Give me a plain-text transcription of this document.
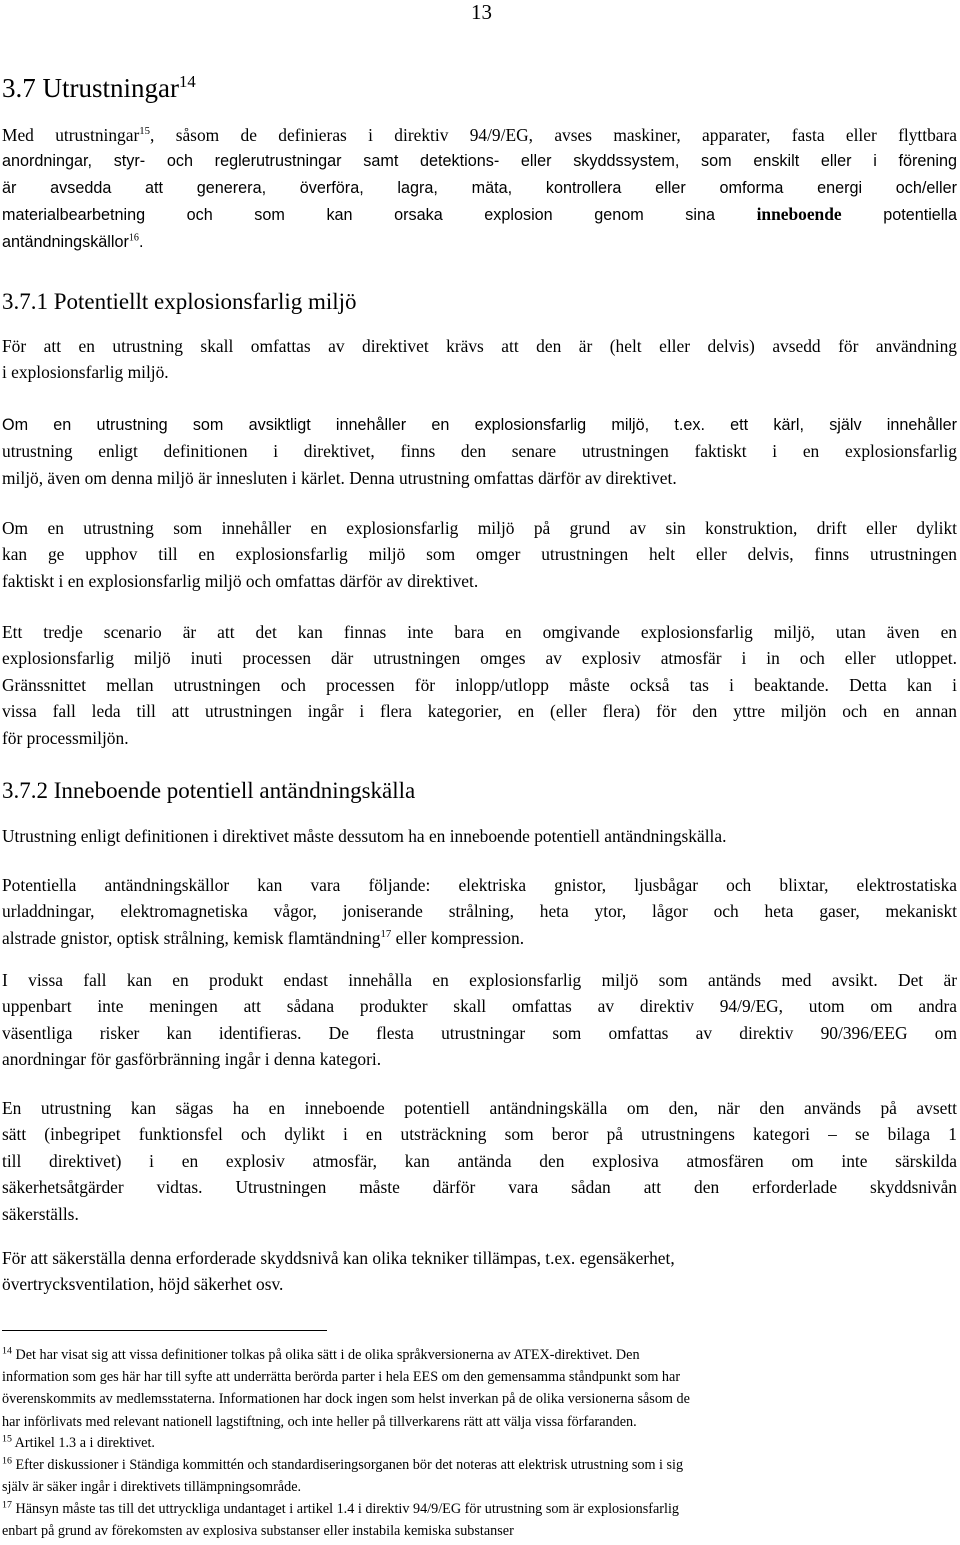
13
3.7 Utrustningar$^{14}$
Med utrustningar$^{15}$, såsom de definieras i direktiv 94/9/EG, avses maskiner, apparater, fasta eller flyttbara
anordningar, styr- och reglerutrustningar samt detektions- eller skyddssystem, som enskilt eller i förening
är avsedda att generera, överföra, lagra, mäta, kontrollera eller omforma energi och/eller
materialbearbetning och som kan orsaka explosion genom sina inneboende potentiella
antändningskällor$^{16}$.
3.7.1 Potentiellt explosionsfarlig miljö
För att en utrustning skall omfattas av direktivet krävs att den är (helt eller delvis) avsedd för användning
i explosionsfarlig miljö.
Om en utrustning som avsiktligt innehåller en explosionsfarlig miljö, t.ex. ett kärl, själv innehåller
utrustning enligt definitionen i direktivet, finns den senare utrustningen faktiskt i en explosionsfarlig
miljö, även om denna miljö är innesluten i kärlet. Denna utrustning omfattas därför av direktivet.
Om en utrustning som innehåller en explosionsfarlig miljö på grund av sin konstruktion, drift eller dylikt
kan ge upphov till en explosionsfarlig miljö som omger utrustningen helt eller delvis, finns utrustningen
faktiskt i en explosionsfarlig miljö och omfattas därför av direktivet.
Ett tredje scenario är att det kan finnas inte bara en omgivande explosionsfarlig miljö, utan även en
explosionsfarlig miljö inuti processen där utrustningen omges av explosiv atmosfär i in och eller utloppet.
Gränssnittet mellan utrustningen och processen för inlopp/utlopp måste också tas i beaktande. Detta kan i
vissa fall leda till att utrustningen ingår i flera kategorier, en (eller flera) för den yttre miljön och en annan
för processmiljön.
3.7.2 Inneboende potentiell antändningskälla
Utrustning enligt definitionen i direktivet måste dessutom ha en inneboende potentiell antändningskälla.
Potentiella antändningskällor kan vara följande: elektriska gnistor, ljusbågar och blixtar, elektrostatiska
urladdningar, elektromagnetiska vågor, joniserande strålning, heta ytor, lågor och heta gaser, mekaniskt
alstrade gnistor, optisk strålning, kemisk flamtändning$^{17}$ eller kompression.
I vissa fall kan en produkt endast innehålla en explosionsfarlig miljö som antänds med avsikt. Det är
uppenbart inte meningen att sådana produkter skall omfattas av direktiv 94/9/EG, utom om andra
väsentliga risker kan identifieras. De flesta utrustningar som omfattas av direktiv 90/396/EEG om
anordningar för gasförbränning ingår i denna kategori.
En utrustning kan sägas ha en inneboende potentiell antändningskälla om den, när den används på avsett
sätt (inbegripet funktionsfel och dylikt i en utsträckning som beror på utrustningens kategori – se bilaga 1
till direktivet) i en explosiv atmosfär, kan antända den explosiva atmosfären om inte särskilda
säkerhetsåtgärder vidtas. Utrustningen måste därför vara sådan att den erforderlade skyddsnivån
säkerställs.
För att säkerställa denna erforderade skyddsnivå kan olika tekniker tillämpas, t.ex. egensäkerhet,
övertrycksventilation, höjd säkerhet osv.
$^{14}$ Det har visat sig att vissa definitioner tolkas på olika sätt i de olika språkversionerna av ATEX-direktivet. Den
information som ges här har till syfte att underrätta berörda parter i hela EES om den gemensamma ståndpunkt som har
överenskommits av medlemsstaterna. Informationen har dock ingen som helst inverkan på de olika versionerna såsom de
har införlivats med relevant nationell lagstiftning, och inte heller på tillverkarens rätt att välja vissa förfaranden.
$^{15}$ Artikel 1.3 a i direktivet.
$^{16}$ Efter diskussioner i Ständiga kommittén och standardiseringsorganen bör det noteras att elektrisk utrustning som i sig
själv är säker ingår i direktivets tillämpningsområde.
$^{17}$ Hänsyn måste tas till det uttryckliga undantaget i artikel 1.4 i direktiv 94/9/EG för utrustning som är explosionsfarlig
enbart på grund av förekomsten av explosiva substanser eller instabila kemiska substanser
